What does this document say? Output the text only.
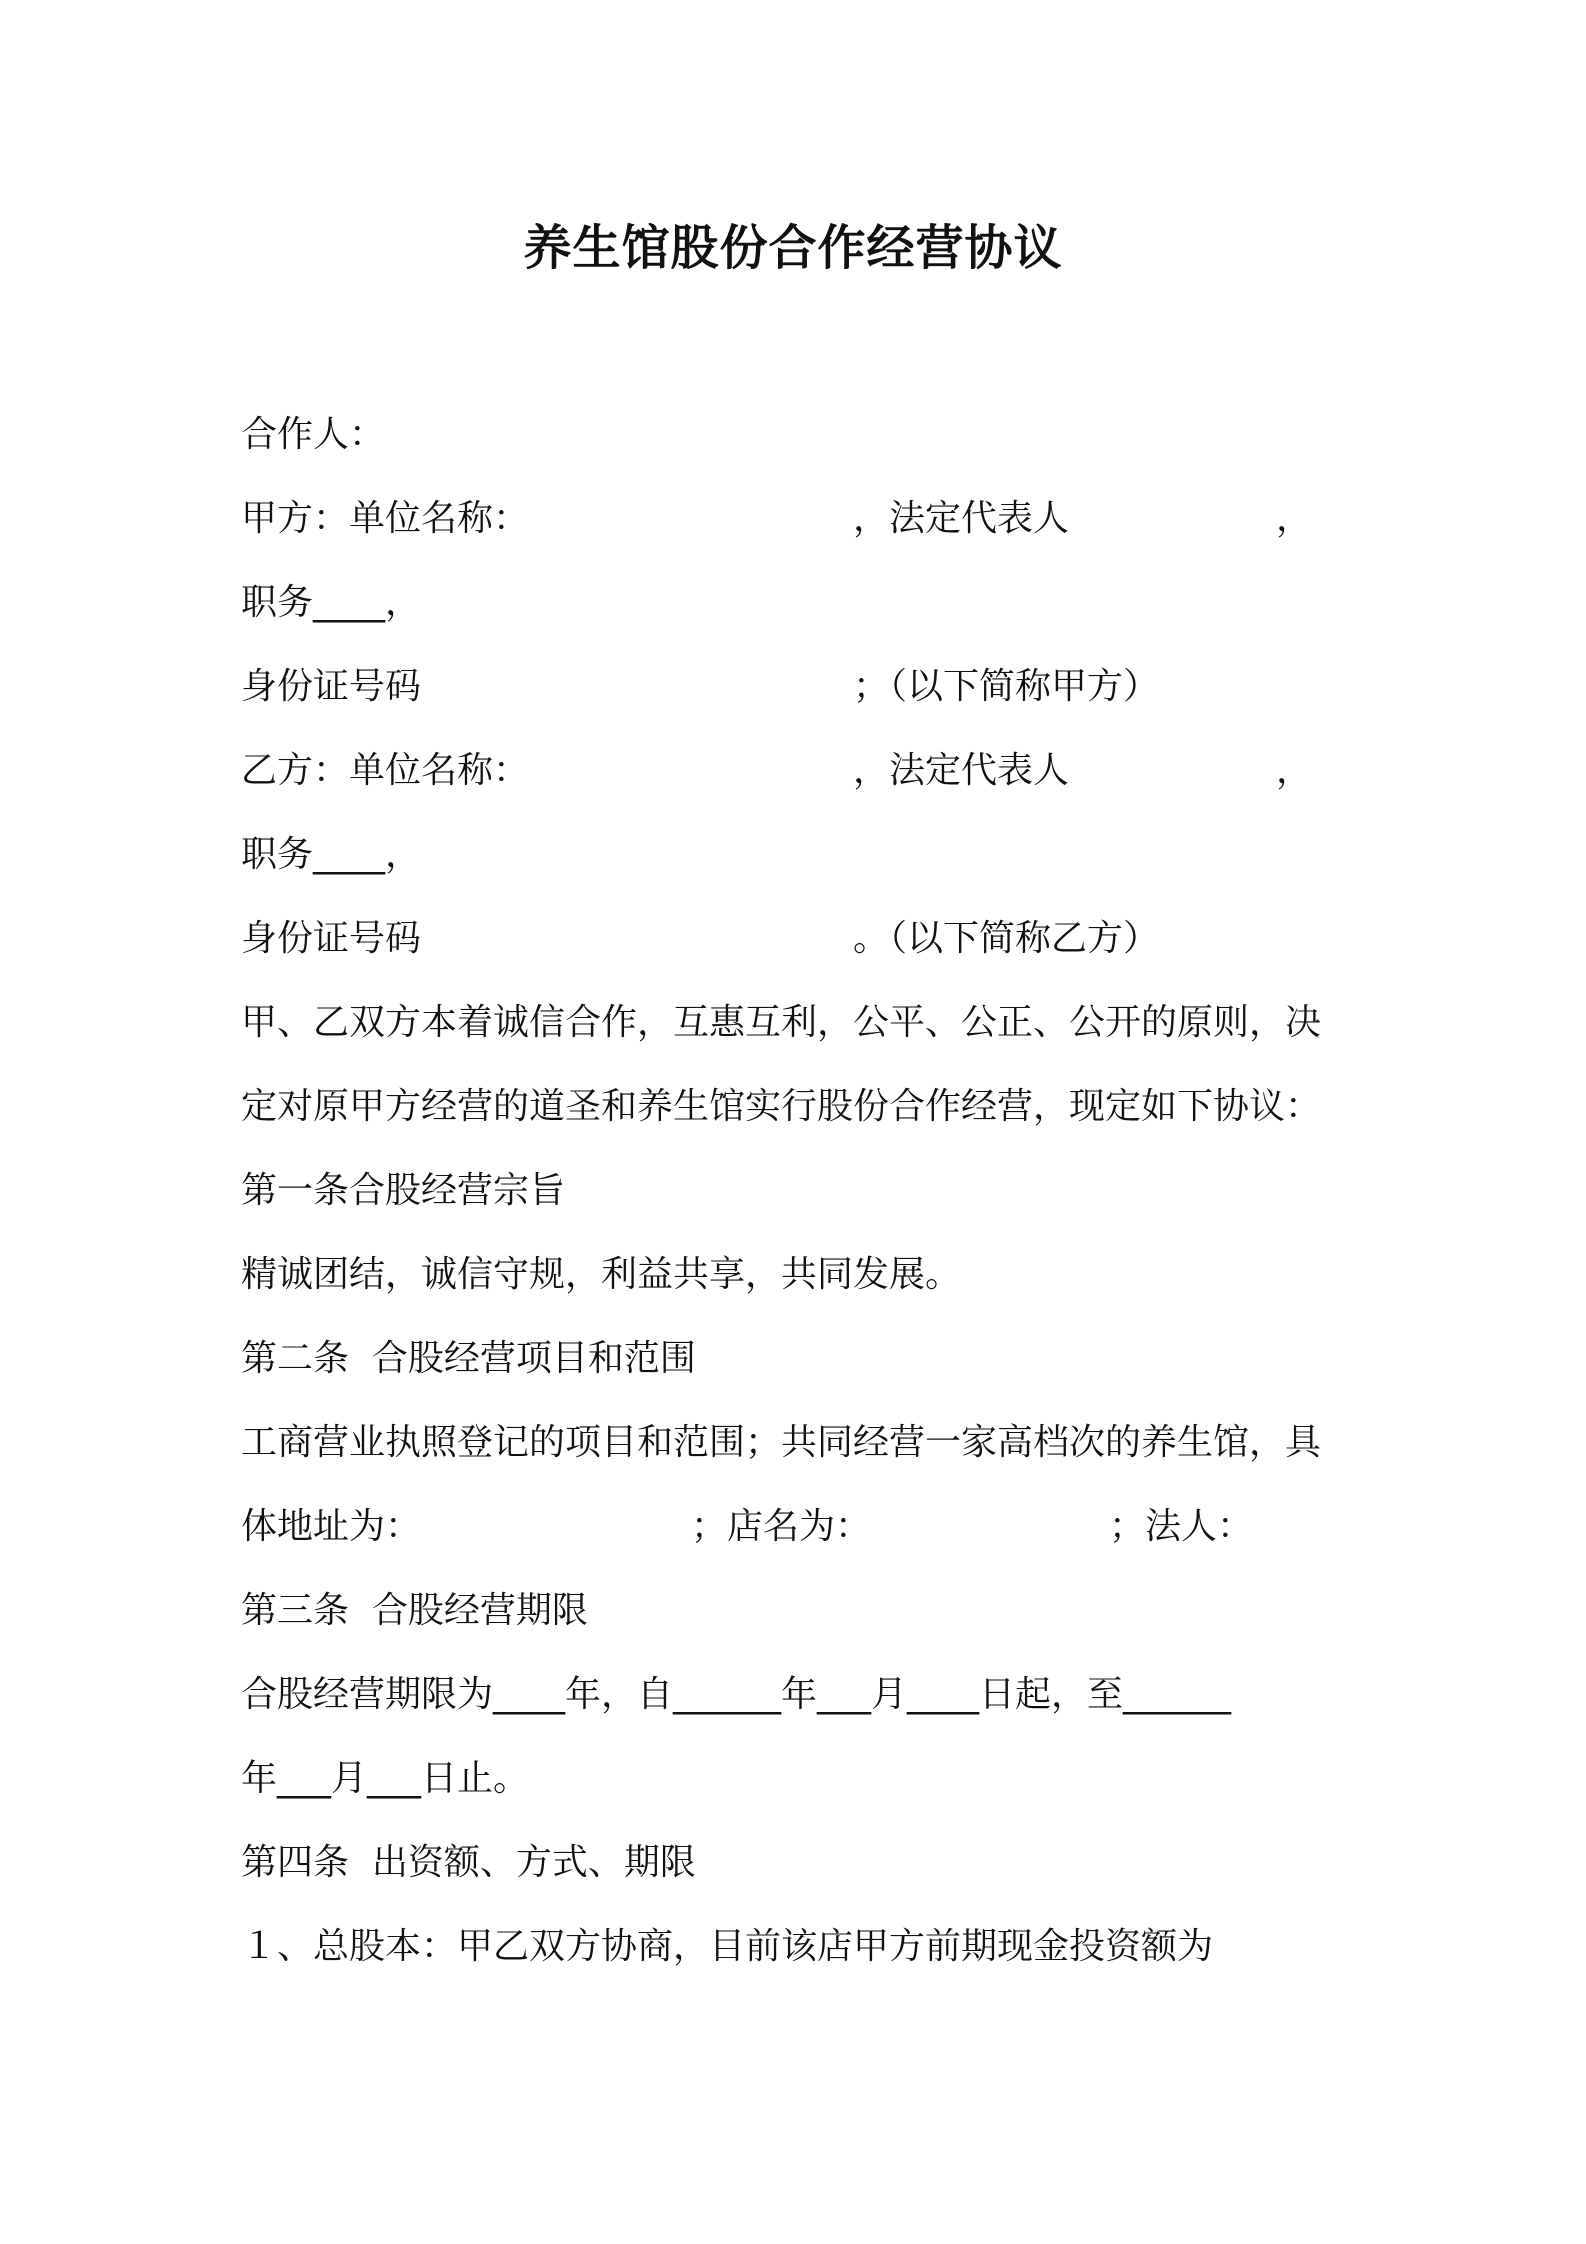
养生馆股份合作经营协议
合作人：

甲方：单位名称：

	，法定代表人

	，

职务____，

身份证号码

	；（以下简称甲方）

乙方：单位名称：

	，法定代表人

	，

职务____，

身份证号码

	。（以下简称乙方）

甲、乙双方本着诚信合作，互惠互利，公平、公正、公开的原则，决
定对原甲方经营的道圣和养生馆实行股份合作经营，现定如下协议：
第一条合股经营宗旨
精诚团结，诚信守规，利益共享，共同发展。
第二条  合股经营项目和范围
工商营业执照登记的项目和范围；共同经营一家高档次的养生馆，具

体地址为：

	；店名为：

	；法人：

第三条  合股经营期限
合股经营期限为____年，自______年___月____日起，至______
年___月___日止。
第四条  出资额、方式、期限
１、总股本：甲乙双方协商，目前该店甲方前期现金投资额为
